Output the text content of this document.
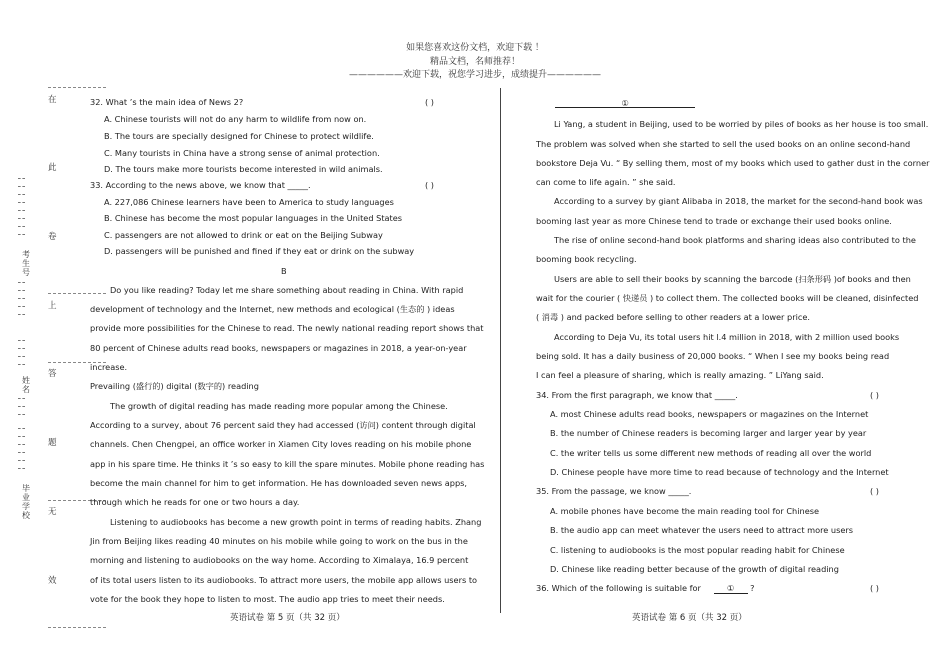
如果您喜欢这份文档，欢迎下载 ！
精品文档，名师推荐！
——————欢迎下载，祝您学习进步，成绩提升——————
在
此
卷
上
答
题
无
效
考生号
姓名
毕业学校
32. What ’s the main idea of News 2?	( )
A. Chinese tourists will not do any harm to wildlife from now on.
B. The tours are specially designed for Chinese to protect wildlife.
C. Many tourists in China have a strong sense of animal protection.
D. The tours make more tourists become interested in wild animals.
33. According to the news above, we know that _____.	( )
A. 227,086 Chinese learners have been to America to study languages
B. Chinese has become the most popular languages in the United States
C. passengers are not allowed to drink or eat on the Beijing Subway
D. passengers will be punished and fined if they eat or drink on the subway
B
Do you like reading? Today let me share something about reading in China. With rapid
development of technology and the Internet, new methods and ecological (生态的 ) ideas
provide more possibilities for the Chinese to read. The newly national reading report shows that
80 percent of Chinese adults read books, newspapers or magazines in 2018, a year-on-year
increase.
Prevailing (盛行的) digital (数字的) reading
The growth of digital reading has made reading more popular among the Chinese.
According to a survey, about 76 percent said they had accessed (访问) content through digital
channels. Chen Chengpei, an office worker in Xiamen City loves reading on his mobile phone
app in his spare time. He thinks it ’s so easy to kill the spare minutes. Mobile phone reading has
become the main channel for him to get information. He has downloaded seven news apps,
through which he reads for one or two hours a day.
Listening to audiobooks has become a new growth point in terms of reading habits. Zhang
Jin from Beijing likes reading 40 minutes on his mobile while going to work on the bus in the
morning and listening to audiobooks on the way home. According to Ximalaya, 16.9 percent
of its total users listen to its audiobooks. To attract more users, the mobile app allows users to
vote for the book they hope to listen to most. The audio app tries to meet their needs.
英语试卷 第 5 页（共 32 页）
①
Li Yang, a student in Beijing, used to be worried by piles of books as her house is too small.
The problem was solved when she started to sell the used books on an online second-hand
bookstore Deja Vu. “ By selling them, most of my books which used to gather dust in the corner
can come to life again. ” she said.
According to a survey by giant Alibaba in 2018, the market for the second-hand book was
booming last year as more Chinese tend to trade or exchange their used books online.
The rise of online second-hand book platforms and sharing ideas also contributed to the
booming book recycling.
Users are able to sell their books by scanning the barcode (扫条形码 )of books and then
wait for the courier ( 快递员 ) to collect them. The collected books will be cleaned, disinfected
( 消毒 ) and packed before selling to other readers at a lower price.
According to Deja Vu, its total users hit l.4 million in 2018, with 2 million used books
being sold. It has a daily business of 20,000 books. “ When I see my books being read
I can feel a pleasure of sharing, which is really amazing. ” LiYang said.
34. From the first paragraph, we know that _____.	( )
A. most Chinese adults read books, newspapers or magazines on the Internet
B. the number of Chinese readers is becoming larger and larger year by year
C. the writer tells us some different new methods of reading all over the world
D. Chinese people have more time to read because of technology and the Internet
35. From the passage, we know _____.	( )
A. mobile phones have become the main reading tool for Chinese
B. the audio app can meet whatever the users need to attract more users
C. listening to audiobooks is the most popular reading habit for Chinese
D. Chinese like reading better because of the growth of digital reading
36. Which of the following is suitable for	① ?	( )
英语试卷 第 6 页（共 32 页）
